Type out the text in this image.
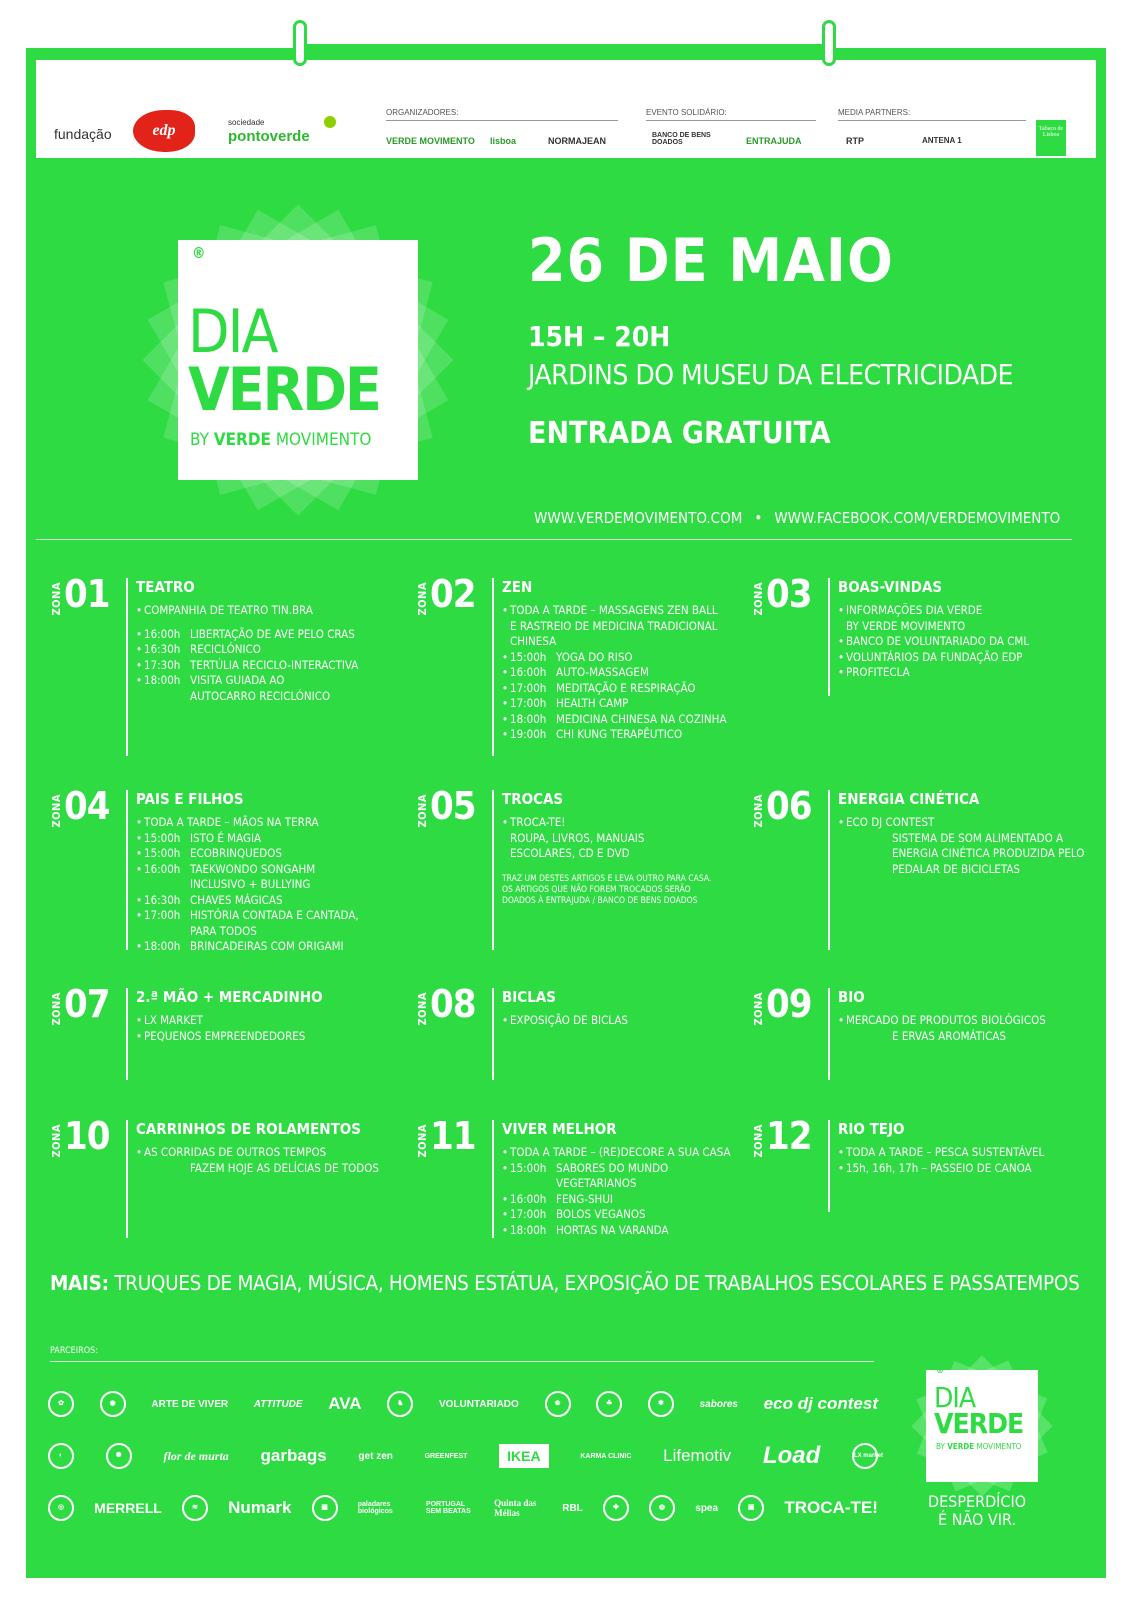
fundação	edp	sociedade
pontoverde
ORGANIZADORES:
VERDE MOVIMENTO lisboa	NORMAJEAN
EVENTO SOLIDÁRIO:
BANCO DE BENS DOADOS	ENTRAJUDA
MEDIA PARTNERS:
RTP	ANTENA 1
Tabaco de Lisboa
®
DIA
VERDE
BY VERDE MOVIMENTO
26 DE MAIO
15H – 20H
JARDINS DO MUSEU DA ELECTRICIDADE
ENTRADA GRATUITA
WWW.VERDEMOVIMENTO.COM • WWW.FACEBOOK.COM/VERDEMOVIMENTO
ZONA 01 TEATRO
• COMPANHIA DE TEATRO TIN.BRA
• 16:00h LIBERTAÇÃO DE AVE PELO CRAS
• 16:30h RECICLÓNICO
• 17:30h TERTÚLIA RECICLO-INTERACTIVA
• 18:00h VISITA GUIADA AO
AUTOCARRO RECICLÓNICO
ZONA 02 ZEN
• TODA A TARDE – MASSAGENS ZEN BALL
E RASTREIO DE MEDICINA TRADICIONAL
CHINESA
• 15:00h YOGA DO RISO
• 16:00h AUTO-MASSAGEM
• 17:00h MEDITAÇÃO E RESPIRAÇÃO
• 17:00h HEALTH CAMP
• 18:00h MEDICINA CHINESA NA COZINHA
• 19:00h CHI KUNG TERAPÊUTICO
ZONA 03 BOAS-VINDAS
• INFORMAÇÕES DIA VERDE
BY VERDE MOVIMENTO
• BANCO DE VOLUNTARIADO DA CML
• VOLUNTÁRIOS DA FUNDAÇÃO EDP
• PROFITECLA
ZONA 04 PAIS E FILHOS
• TODA A TARDE – MÃOS NA TERRA
• 15:00h ISTO É MAGIA
• 15:00h ECOBRINQUEDOS
• 16:00h TAEKWONDO SONGAHM
INCLUSIVO + BULLYING
• 16:30h CHAVES MÁGICAS
• 17:00h HISTÓRIA CONTADA E CANTADA,
PARA TODOS
• 18:00h BRINCADEIRAS COM ORIGAMI
ZONA 05 TROCAS
• TROCA-TE!
ROUPA, LIVROS, MANUAIS
ESCOLARES, CD E DVD
TRAZ UM DESTES ARTIGOS E LEVA OUTRO PARA CASA.
OS ARTIGOS QUE NÃO FOREM TROCADOS SERÃO
DOADOS À ENTRAJUDA / BANCO DE BENS DOADOS
ZONA 06 ENERGIA CINÉTICA
• ECO DJ CONTEST
SISTEMA DE SOM ALIMENTADO A
ENERGIA CINÉTICA PRODUZIDA PELO
PEDALAR DE BICICLETAS
ZONA 07 2.ª MÃO + MERCADINHO
• LX MARKET
• PEQUENOS EMPREENDEDORES
ZONA 08 BICLAS
• EXPOSIÇÃO DE BICLAS	ZONA 09 BIO
• MERCADO DE PRODUTOS BIOLÓGICOS
E ERVAS AROMÁTICAS
ZONA 10 CARRINHOS DE ROLAMENTOS
• AS CORRIDAS DE OUTROS TEMPOS
FAZEM HOJE AS DELÍCIAS DE TODOS
ZONA 11 VIVER MELHOR
• TODA A TARDE – (RE)DECORE A SUA CASA
• 15:00h SABORES DO MUNDO
VEGETARIANOS
• 16:00h FENG-SHUI
• 17:00h BOLOS VEGANOS
• 18:00h HORTAS NA VARANDA
ZONA 12 RIO TEJO
• TODA A TARDE – PESCA SUSTENTÁVEL
• 15h, 16h, 17h – PASSEIO DE CANOA
MAIS: TRUQUES DE MAGIA, MÚSICA, HOMENS ESTÁTUA, EXPOSIÇÃO DE TRABALHOS ESCOLARES E PASSATEMPOS
PARCEIROS:
✿	◉	ARTE DE VIVER	ATTITUDE AVA	♞	VOLUNTARIADO	❀	☘	✾	sabores eco dj contest
◐	✺	flor de murta garbags	get zen	GREENFEST	IKEA	KARMA CLINIC Lifemotiv Load	LX market
◎	MERRELL	≋	Numark	▦	paladares biológicos
PORTUGAL SEM BEATAS
Quinta das Mélias	RBL	✤	◍	spea	▣	TROCA-TE!
®
DIA
VERDE
BY VERDE MOVIMENTO
DESPERDÍCIO
É NÃO VIR.
